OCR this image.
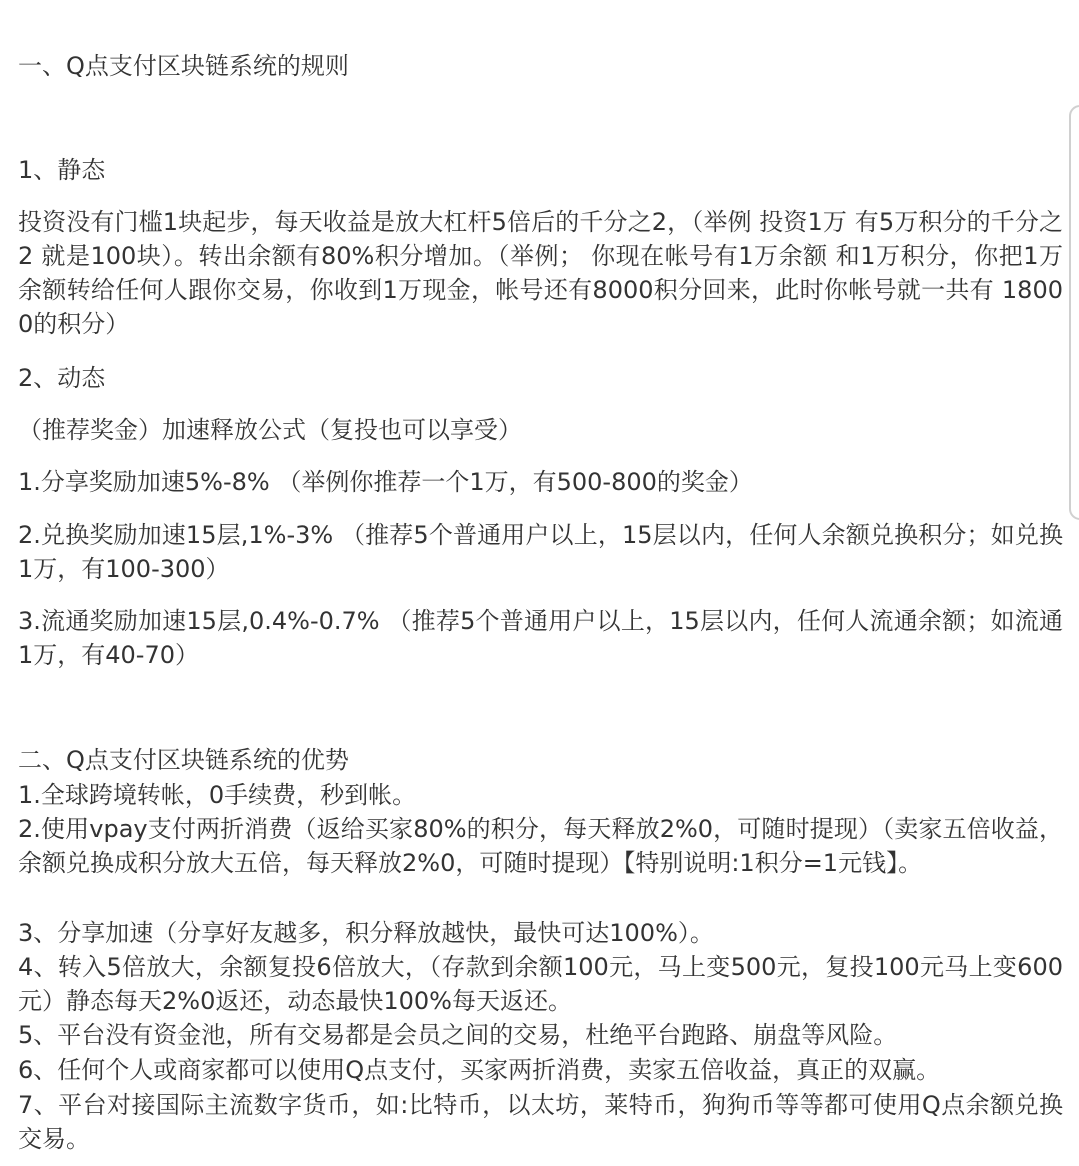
一、Q点支付区块链系统的规则
1、静态
投资没有门槛1块起步，每天收益是放大杠杆5倍后的千分之2，（举例 投资1万 有5万积分的千分之2 就是100块）。转出余额有80%积分增加。（举例； 你现在帐号有1万余额 和1万积分，你把1万余额转给任何人跟你交易，你收到1万现金，帐号还有8000积分回来，此时你帐号就一共有 18000的积分）
2、动态
（推荐奖金）加速释放公式（复投也可以享受）
1.分享奖励加速5%-8% （举例你推荐一个1万，有500-800的奖金）
2.兑换奖励加速15层,1%-3% （推荐5个普通用户以上，15层以内，任何人余额兑换积分；如兑换1万，有100-300）
3.流通奖励加速15层,0.4%-0.7% （推荐5个普通用户以上，15层以内，任何人流通余额；如流通1万，有40-70）
二、Q点支付区块链系统的优势
1.全球跨境转帐，0手续费，秒到帐。
2.使用vpay支付两折消费（返给买家80%的积分，每天释放2%0，可随时提现）（卖家五倍收益，余额兑换成积分放大五倍，每天释放2%0，可随时提现）【特别说明:1积分=1元钱】。
3、分享加速（分享好友越多，积分释放越快，最快可达100%）。
4、转入5倍放大，余额复投6倍放大，（存款到余额100元，马上变500元，复投100元马上变600元）静态每天2%0返还，动态最快100%每天返还。
5、平台没有资金池，所有交易都是会员之间的交易，杜绝平台跑路、崩盘等风险。
6、任何个人或商家都可以使用Q点支付，买家两折消费，卖家五倍收益，真正的双赢。
7、平台对接国际主流数字货币，如:比特币，以太坊，莱特币，狗狗币等等都可使用Q点余额兑换交易。
